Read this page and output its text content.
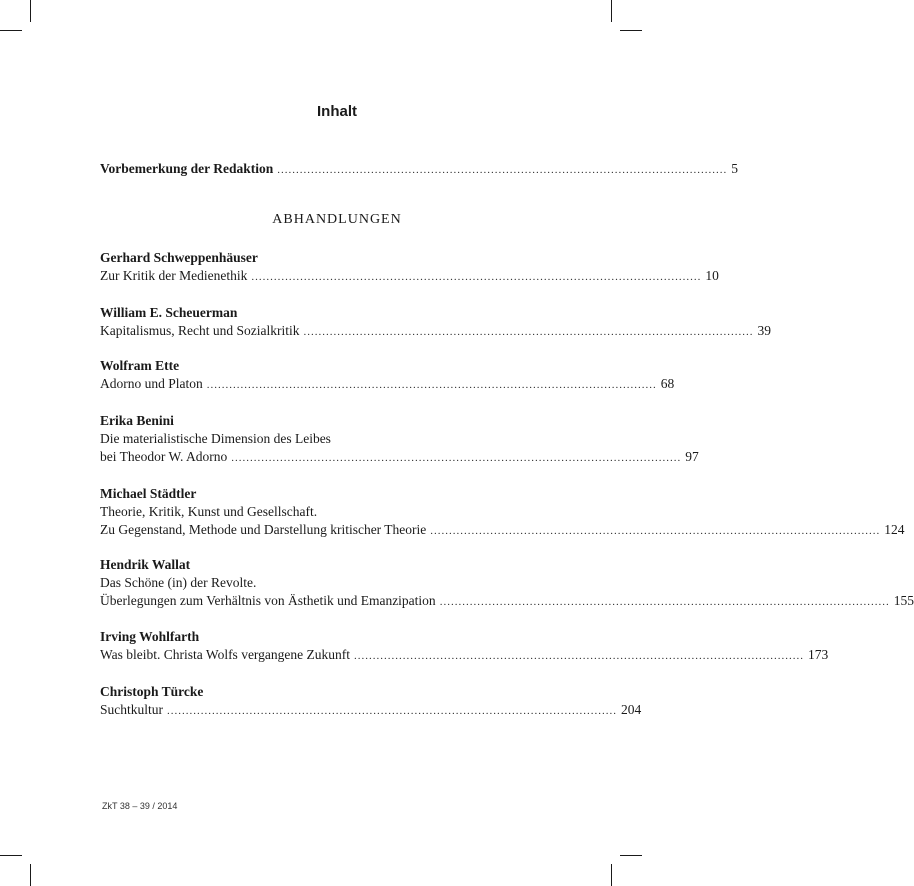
Inhalt
Vorbemerkung der Redaktion ........................................................................................................................ 5
ABHANDLUNGEN
Gerhard Schweppenhäuser
Zur Kritik der Medienethik ........................................................................................................................ 10
William E. Scheuerman
Kapitalismus, Recht und Sozialkritik ........................................................................................................................ 39
Wolfram Ette
Adorno und Platon ........................................................................................................................ 68
Erika Benini
Die materialistische Dimension des Leibes
bei Theodor W. Adorno ........................................................................................................................ 97
Michael Städtler
Theorie, Kritik, Kunst und Gesellschaft.
Zu Gegenstand, Methode und Darstellung kritischer Theorie ........................................................................................................................ 124
Hendrik Wallat
Das Schöne (in) der Revolte.
Überlegungen zum Verhältnis von Ästhetik und Emanzipation ........................................................................................................................ 155
Irving Wohlfarth
Was bleibt. Christa Wolfs vergangene Zukunft ........................................................................................................................ 173
Christoph Türcke
Suchtkultur ........................................................................................................................ 204
ZkT 38 – 39 / 2014
